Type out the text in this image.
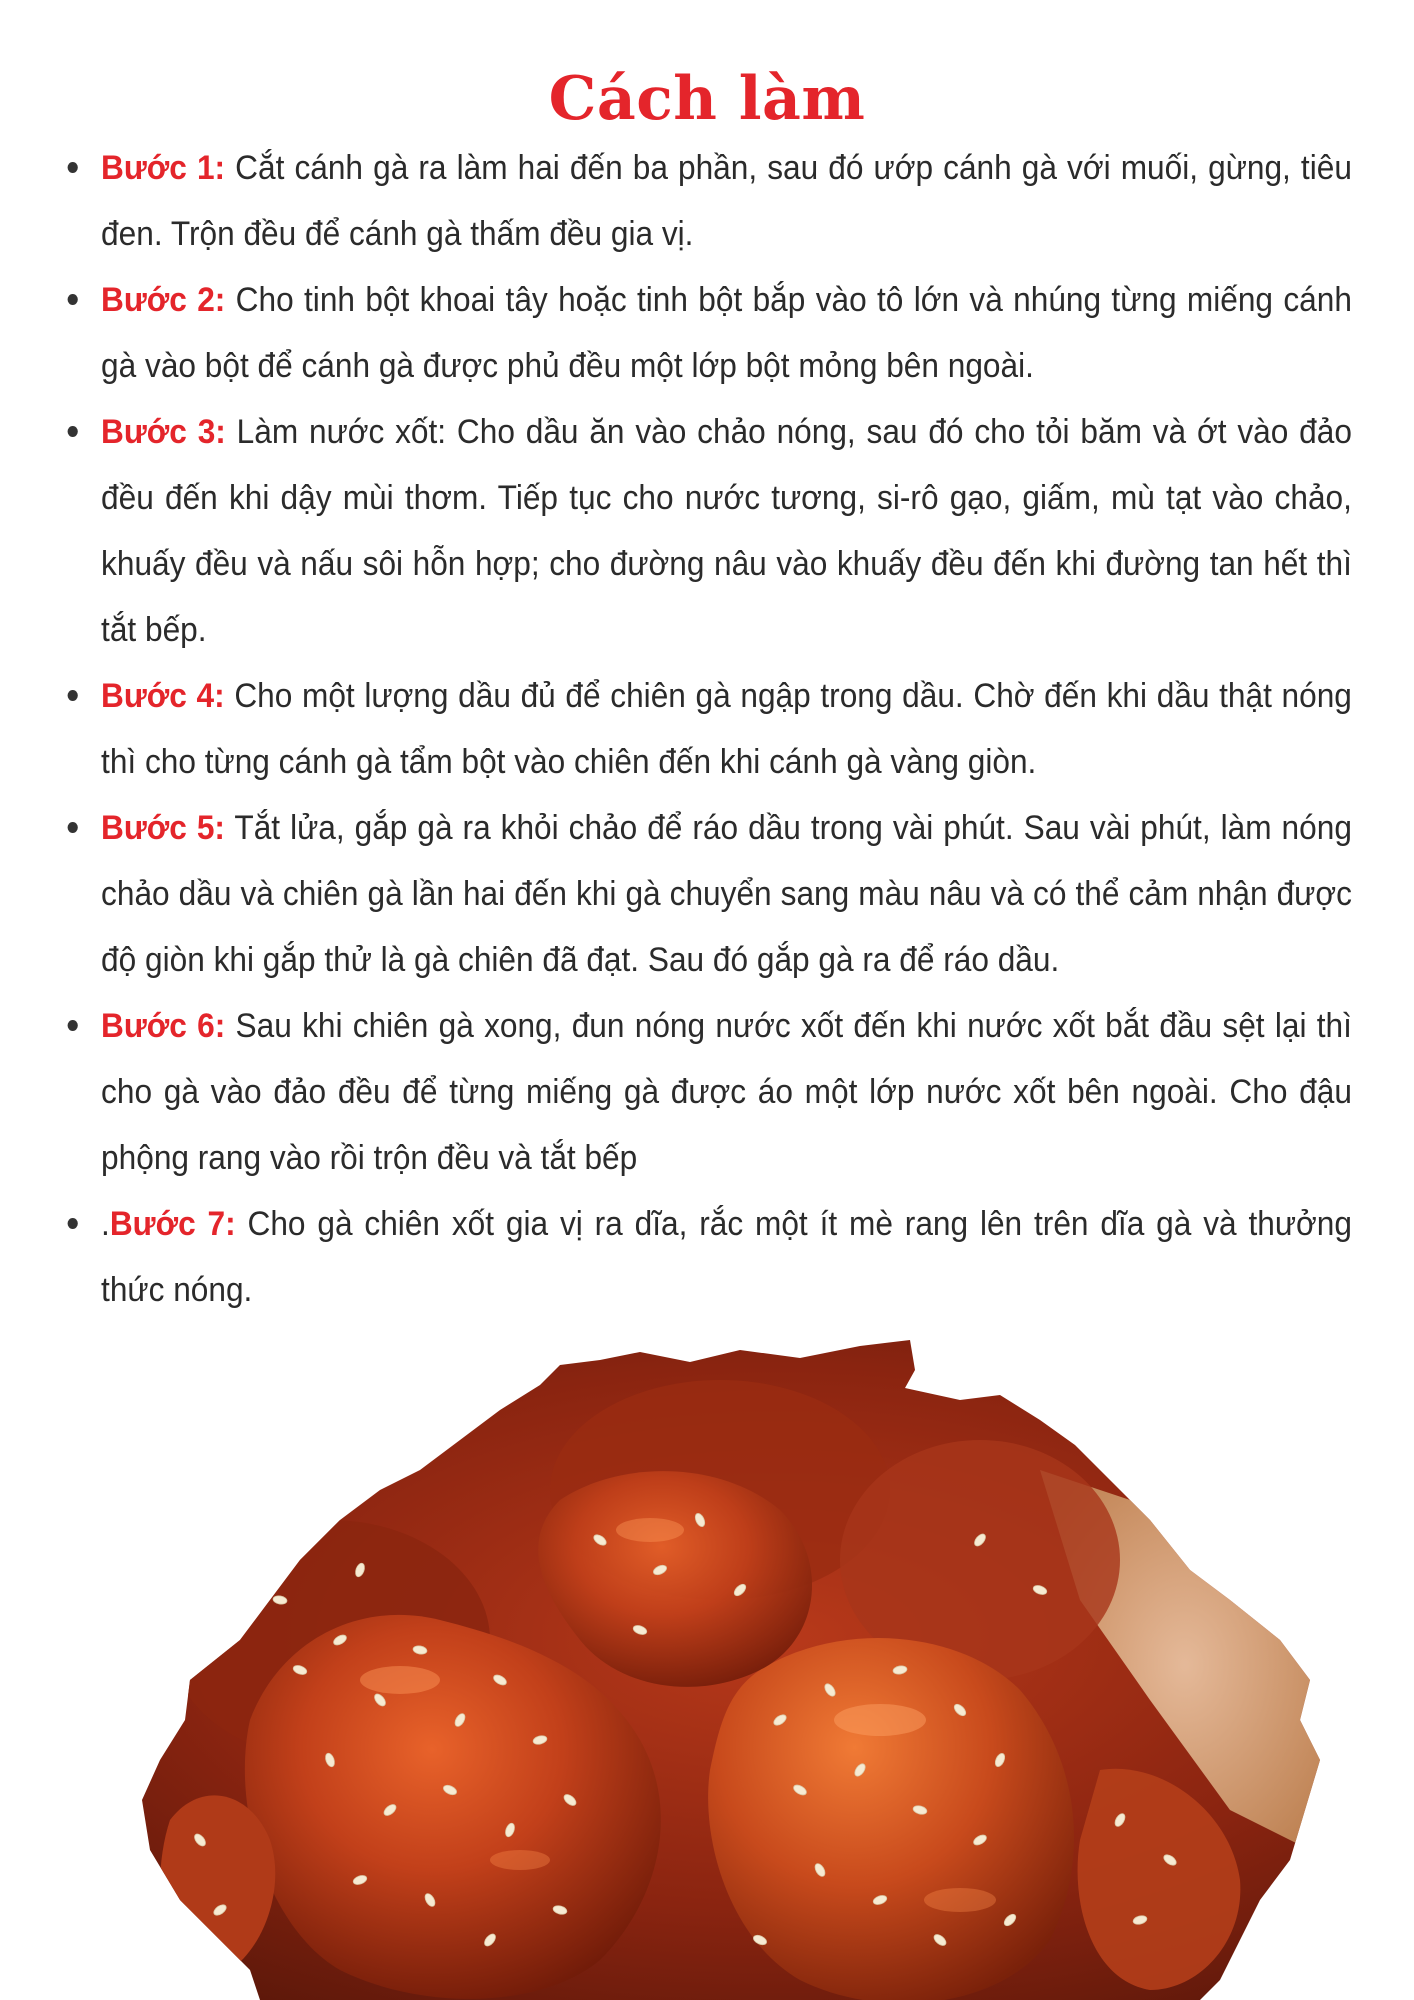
Cách làm
Bước 1: Cắt cánh gà ra làm hai đến ba phần, sau đó ướp cánh gà với muối, gừng, tiêu đen. Trộn đều để cánh gà thấm đều gia vị.
Bước 2: Cho tinh bột khoai tây hoặc tinh bột bắp vào tô lớn và nhúng từng miếng cánh gà vào bột để cánh gà được phủ đều một lớp bột mỏng bên ngoài.
Bước 3: Làm nước xốt: Cho dầu ăn vào chảo nóng, sau đó cho tỏi băm và ớt vào đảo đều đến khi dậy mùi thơm. Tiếp tục cho nước tương, si-rô gạo, giấm, mù tạt vào chảo, khuấy đều và nấu sôi hỗn hợp; cho đường nâu vào khuấy đều đến khi đường tan hết thì tắt bếp.
Bước 4: Cho một lượng dầu đủ để chiên gà ngập trong dầu. Chờ đến khi dầu thật nóng thì cho từng cánh gà tẩm bột vào chiên đến khi cánh gà vàng giòn.
Bước 5: Tắt lửa, gắp gà ra khỏi chảo để ráo dầu trong vài phút. Sau vài phút, làm nóng chảo dầu và chiên gà lần hai đến khi gà chuyển sang màu nâu và có thể cảm nhận được độ giòn khi gắp thử là gà chiên đã đạt. Sau đó gắp gà ra để ráo dầu.
Bước 6: Sau khi chiên gà xong, đun nóng nước xốt đến khi nước xốt bắt đầu sệt lại thì cho gà vào đảo đều để từng miếng gà được áo một lớp nước xốt bên ngoài. Cho đậu phộng rang vào rồi trộn đều và tắt bếp
.Bước 7: Cho gà chiên xốt gia vị ra dĩa, rắc một ít mè rang lên trên dĩa gà và thưởng thức nóng.
